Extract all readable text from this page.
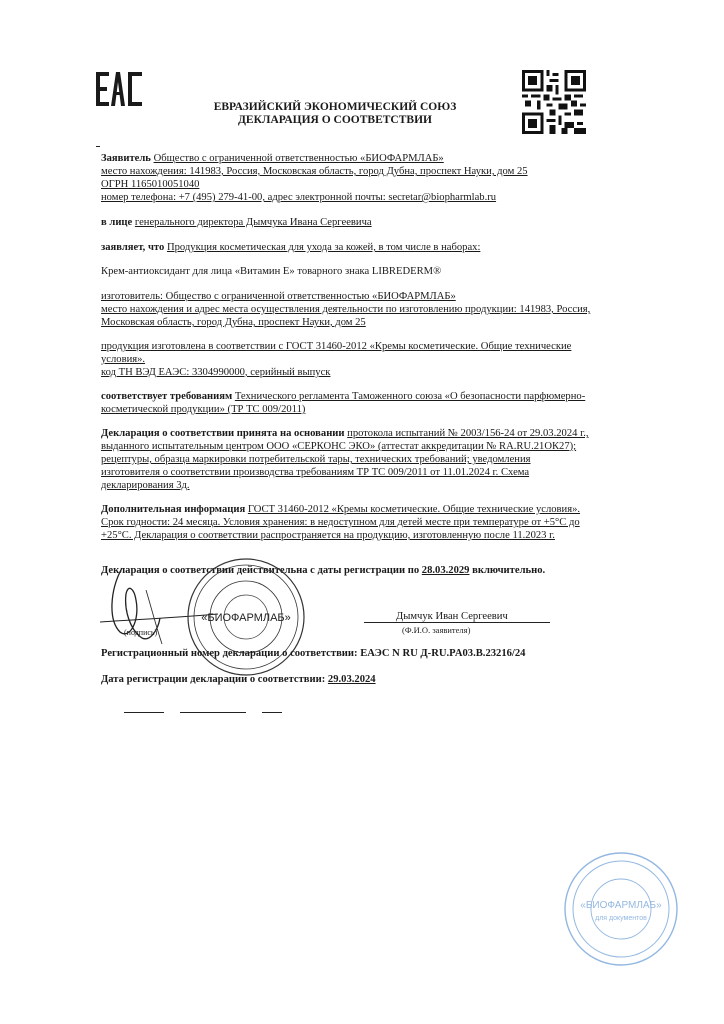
ЕВРАЗИЙСКИЙ ЭКОНОМИЧЕСКИЙ СОЮЗ
ДЕКЛАРАЦИЯ О СООТВЕТСТВИИ
Заявитель Общество с ограниченной ответственностью «БИОФАРМЛАБ»
место нахождения: 141983, Россия, Московская область, город Дубна, проспект Науки, дом 25
ОГРН 1165010051040
номер телефона: +7 (495) 279-41-00, адрес электронной почты: secretar@biopharmlab.ru
в лице генерального директора Дымчука Ивана Сергеевича
заявляет, что Продукция косметическая для ухода за кожей, в том числе в наборах:
Крем-антиоксидант для лица «Витамин Е» товарного знака LIBREDERM®
изготовитель: Общество с ограниченной ответственностью «БИОФАРМЛАБ»
место нахождения и адрес места осуществления деятельности по изготовлению продукции: 141983, Россия,
Московская область, город Дубна, проспект Науки, дом 25
продукция изготовлена в соответствии с ГОСТ 31460-2012 «Кремы косметические. Общие технические
условия».
код ТН ВЭД ЕАЭС: 3304990000, серийный выпуск
соответствует требованиям Технического регламента Таможенного союза «О безопасности парфюмерно-
косметической продукции» (ТР ТС 009/2011)
Декларация о соответствии принята на основании протокола испытаний № 2003/156-24 от 29.03.2024 г.,
выданного испытательным центром ООО «СЕРКОНС ЭКО» (аттестат аккредитации № RA.RU.21ОК27);
рецептуры, образца маркировки потребительской тары, технических требований; уведомления
изготовителя о соответствии производства требованиям ТР ТС 009/2011 от 11.01.2024 г. Схема
декларирования 3д.
Дополнительная информация ГОСТ 31460-2012 «Кремы косметические. Общие технические условия».
Срок годности: 24 месяца. Условия хранения: в недоступном для детей месте при температуре от +5°С до
+25°С. Декларация о соответствии распространяется на продукцию, изготовленную после 11.2023 г.
Декларация о соответствии действительна с даты регистрации по 28.03.2029 включительно.
(подпись)
«БИОФАРМЛАБ»	Дымчук Иван Сергеевич
(Ф.И.О. заявителя)
Регистрационный номер декларации о соответствии: ЕАЭС N RU Д-RU.PA03.B.23216/24
Дата регистрации декларации о соответствии: 29.03.2024
«БИОФАРМЛАБ»
для документов
